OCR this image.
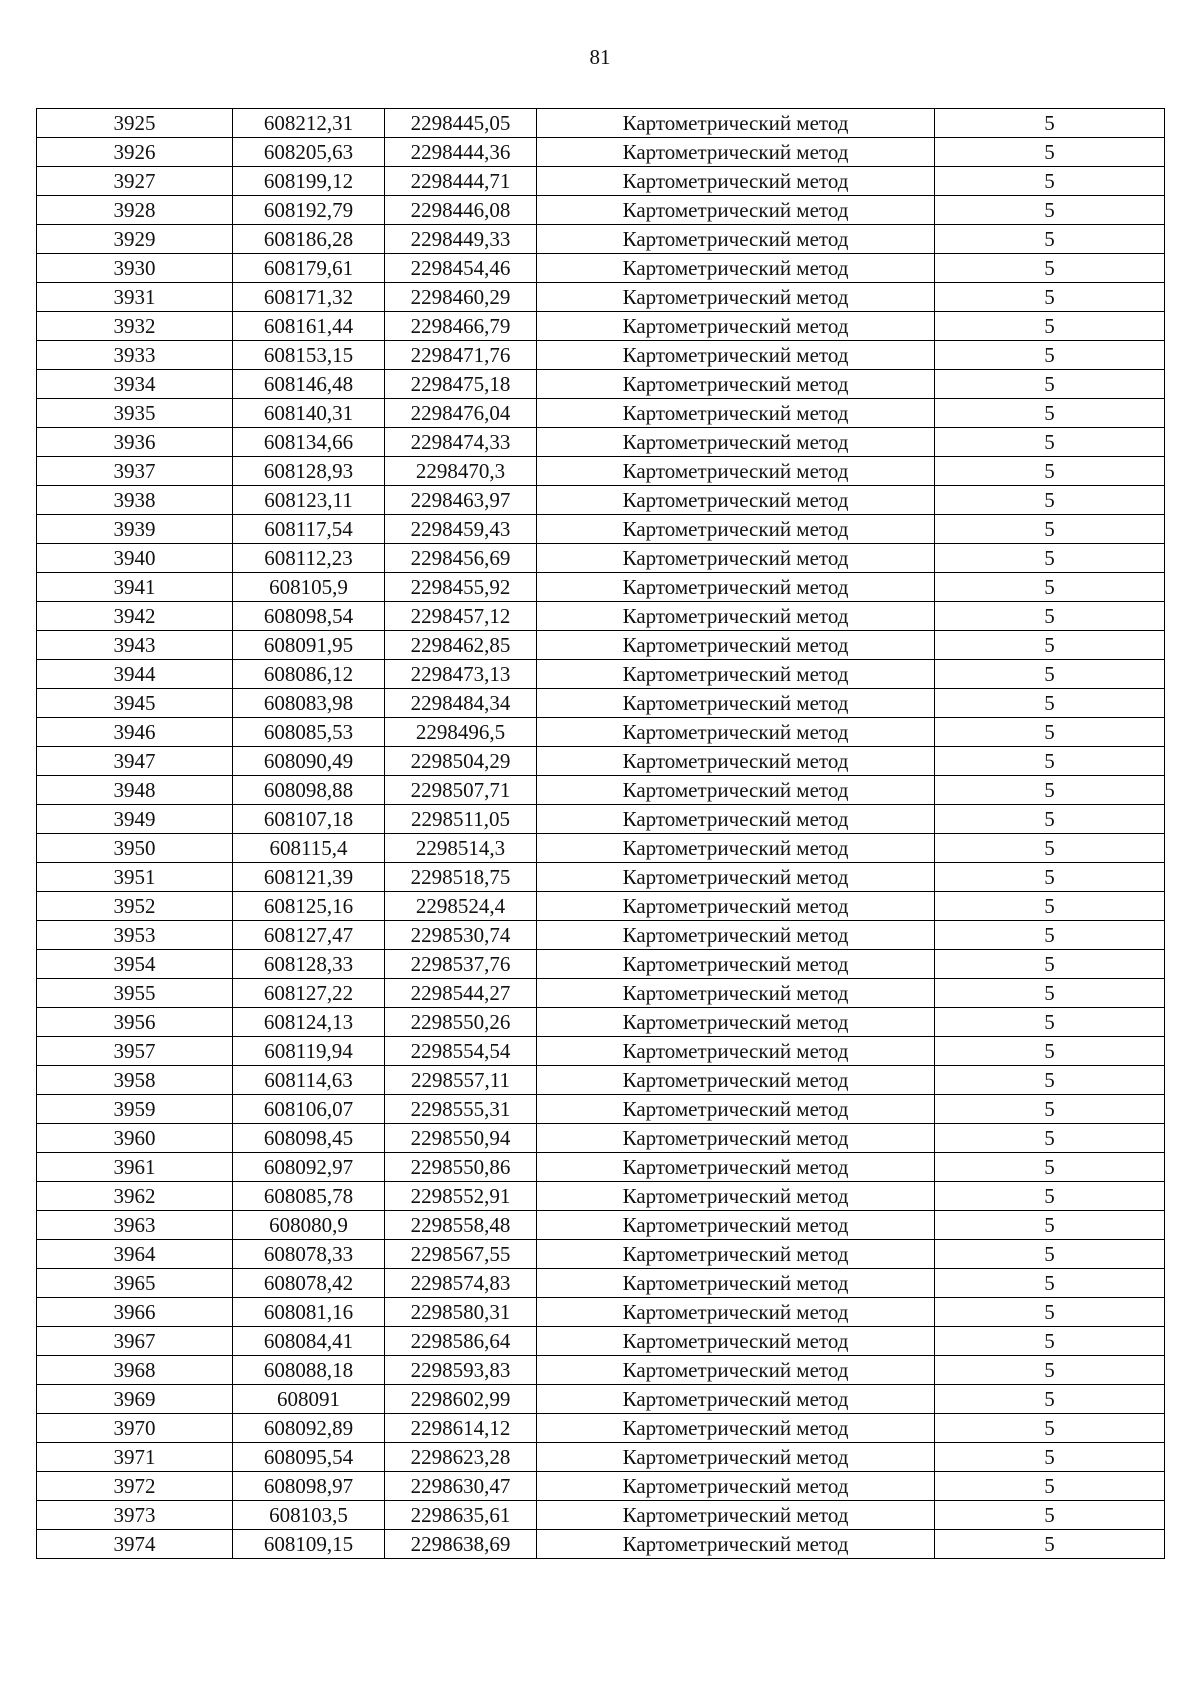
81
3925	608212,31	2298445,05	Картометрический метод	5
3926	608205,63	2298444,36	Картометрический метод	5
3927	608199,12	2298444,71	Картометрический метод	5
3928	608192,79	2298446,08	Картометрический метод	5
3929	608186,28	2298449,33	Картометрический метод	5
3930	608179,61	2298454,46	Картометрический метод	5
3931	608171,32	2298460,29	Картометрический метод	5
3932	608161,44	2298466,79	Картометрический метод	5
3933	608153,15	2298471,76	Картометрический метод	5
3934	608146,48	2298475,18	Картометрический метод	5
3935	608140,31	2298476,04	Картометрический метод	5
3936	608134,66	2298474,33	Картометрический метод	5
3937	608128,93	2298470,3	Картометрический метод	5
3938	608123,11	2298463,97	Картометрический метод	5
3939	608117,54	2298459,43	Картометрический метод	5
3940	608112,23	2298456,69	Картометрический метод	5
3941	608105,9	2298455,92	Картометрический метод	5
3942	608098,54	2298457,12	Картометрический метод	5
3943	608091,95	2298462,85	Картометрический метод	5
3944	608086,12	2298473,13	Картометрический метод	5
3945	608083,98	2298484,34	Картометрический метод	5
3946	608085,53	2298496,5	Картометрический метод	5
3947	608090,49	2298504,29	Картометрический метод	5
3948	608098,88	2298507,71	Картометрический метод	5
3949	608107,18	2298511,05	Картометрический метод	5
3950	608115,4	2298514,3	Картометрический метод	5
3951	608121,39	2298518,75	Картометрический метод	5
3952	608125,16	2298524,4	Картометрический метод	5
3953	608127,47	2298530,74	Картометрический метод	5
3954	608128,33	2298537,76	Картометрический метод	5
3955	608127,22	2298544,27	Картометрический метод	5
3956	608124,13	2298550,26	Картометрический метод	5
3957	608119,94	2298554,54	Картометрический метод	5
3958	608114,63	2298557,11	Картометрический метод	5
3959	608106,07	2298555,31	Картометрический метод	5
3960	608098,45	2298550,94	Картометрический метод	5
3961	608092,97	2298550,86	Картометрический метод	5
3962	608085,78	2298552,91	Картометрический метод	5
3963	608080,9	2298558,48	Картометрический метод	5
3964	608078,33	2298567,55	Картометрический метод	5
3965	608078,42	2298574,83	Картометрический метод	5
3966	608081,16	2298580,31	Картометрический метод	5
3967	608084,41	2298586,64	Картометрический метод	5
3968	608088,18	2298593,83	Картометрический метод	5
3969	608091	2298602,99	Картометрический метод	5
3970	608092,89	2298614,12	Картометрический метод	5
3971	608095,54	2298623,28	Картометрический метод	5
3972	608098,97	2298630,47	Картометрический метод	5
3973	608103,5	2298635,61	Картометрический метод	5
3974	608109,15	2298638,69	Картометрический метод	5
